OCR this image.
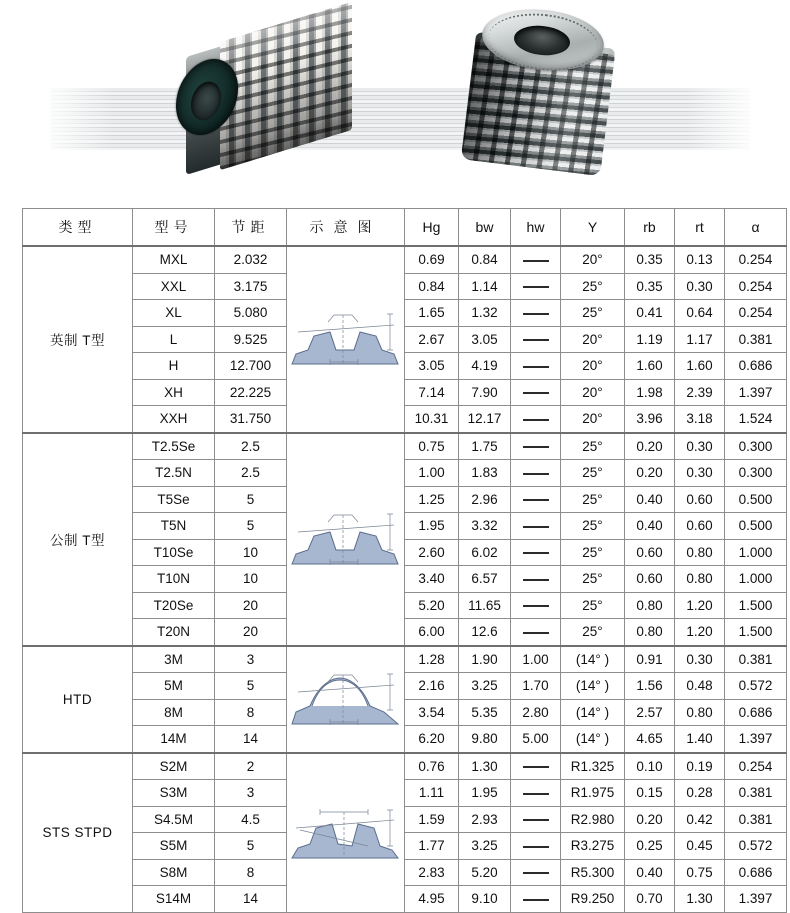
类型	型号	节距	示意图	Hg	bw	hw	Υ	rb	rt	α
英制 T型	MXL	2.032		0.69	0.84		20°	0.35	0.13	0.254
	XXL	3.175		0.84	1.14		25°	0.35	0.30	0.254
	XL	5.080		1.65	1.32		25°	0.41	0.64	0.254
	L	9.525		2.67	3.05		20°	1.19	1.17	0.381
	H	12.700		3.05	4.19		20°	1.60	1.60	0.686
	XH	22.225		7.14	7.90		20°	1.98	2.39	1.397
	XXH	31.750		10.31	12.17		20°	3.96	3.18	1.524
公制 T型	T2.5Se	2.5		0.75	1.75		25°	0.20	0.30	0.300
	T2.5N	2.5		1.00	1.83		25°	0.20	0.30	0.300
	T5Se	5		1.25	2.96		25°	0.40	0.60	0.500
	T5N	5		1.95	3.32		25°	0.40	0.60	0.500
	T10Se	10		2.60	6.02		25°	0.60	0.80	1.000
	T10N	10		3.40	6.57		25°	0.60	0.80	1.000
	T20Se	20		5.20	11.65		25°	0.80	1.20	1.500
	T20N	20		6.00	12.6		25°	0.80	1.20	1.500
HTD	3M	3		1.28	1.90	1.00	(14° )	0.91	0.30	0.381
	5M	5		2.16	3.25	1.70	(14° )	1.56	0.48	0.572
	8M	8		3.54	5.35	2.80	(14° )	2.57	0.80	0.686
	14M	14		6.20	9.80	5.00	(14° )	4.65	1.40	1.397
STS STPD	S2M	2		0.76	1.30		R1.325	0.10	0.19	0.254
	S3M	3		1.11	1.95		R1.975	0.15	0.28	0.381
	S4.5M	4.5		1.59	2.93		R2.980	0.20	0.42	0.381
	S5M	5		1.77	3.25		R3.275	0.25	0.45	0.572
	S8M	8		2.83	5.20		R5.300	0.40	0.75	0.686
	S14M	14		4.95	9.10		R9.250	0.70	1.30	1.397
